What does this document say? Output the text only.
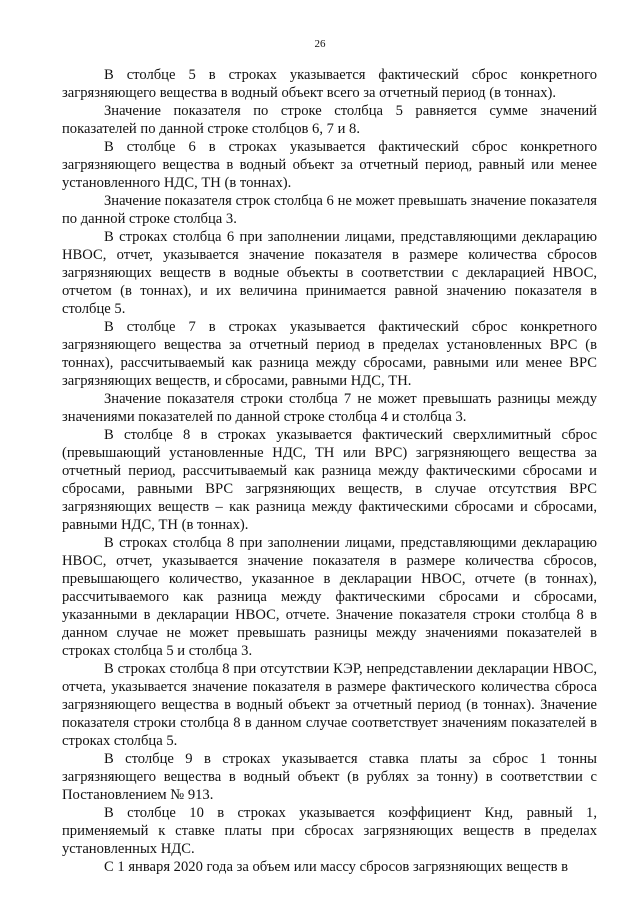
26

В столбце 5 в строках указывается фактический сброс конкретного загрязняющего вещества в водный объект всего за отчетный период (в тоннах).

Значение показателя по строке столбца 5 равняется сумме значений показателей по данной строке столбцов 6, 7 и 8.

В столбце 6 в строках указывается фактический сброс конкретного загрязняющего вещества в водный объект за отчетный период, равный или менее установленного НДС, ТН (в тоннах).

Значение показателя строк столбца 6 не может превышать значение показателя по данной строке столбца 3.

В строках столбца 6 при заполнении лицами, представляющими декларацию НВОС, отчет, указывается значение показателя в размере количества сбросов загрязняющих веществ в водные объекты в соответствии с декларацией НВОС, отчетом (в тоннах), и их величина принимается равной значению показателя в столбце 5.

В столбце 7 в строках указывается фактический сброс конкретного загрязняющего вещества за отчетный период в пределах установленных ВРС (в тоннах), рассчитываемый как разница между сбросами, равными или менее ВРС загрязняющих веществ, и сбросами, равными НДС, ТН.

Значение показателя строки столбца 7 не может превышать разницы между значениями показателей по данной строке столбца 4 и столбца 3.

В столбце 8 в строках указывается фактический сверхлимитный сброс (превышающий установленные НДС, ТН или ВРС) загрязняющего вещества за отчетный период, рассчитываемый как разница между фактическими сбросами и сбросами, равными ВРС загрязняющих веществ, в случае отсутствия ВРС загрязняющих веществ – как разница между фактическими сбросами и сбросами, равными НДС, ТН (в тоннах).

В строках столбца 8 при заполнении лицами, представляющими декларацию НВОС, отчет, указывается значение показателя в размере количества сбросов, превышающего количество, указанное в декларации НВОС, отчете (в тоннах), рассчитываемого как разница между фактическими сбросами и сбросами, указанными в декларации НВОС, отчете. Значение показателя строки столбца 8 в данном случае не может превышать разницы между значениями показателей в строках столбца 5 и столбца 3.

В строках столбца 8 при отсутствии КЭР, непредставлении декларации НВОС, отчета, указывается значение показателя в размере фактического количества сброса загрязняющего вещества в водный объект за отчетный период (в тоннах). Значение показателя строки столбца 8 в данном случае соответствует значениям показателей в строках столбца 5.

В столбце 9 в строках указывается ставка платы за сброс 1 тонны загрязняющего вещества в водный объект (в рублях за тонну) в соответствии с Постановлением № 913.

В столбце 10 в строках указывается коэффициент Кнд, равный 1, применяемый к ставке платы при сбросах загрязняющих веществ в пределах установленных НДС.

С 1 января 2020 года за объем или массу сбросов загрязняющих веществ в
